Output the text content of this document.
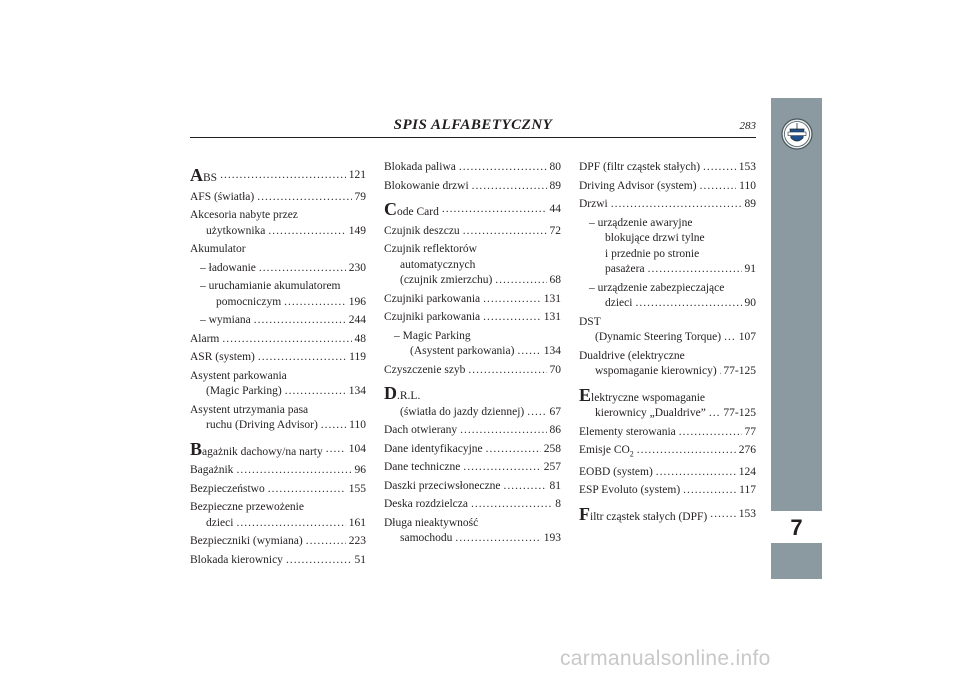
SPIS ALFABETYCZNY	283
ABS .....	121
AFS (światła) .....	79
Akcesoria nabyte przez
użytkownika .....	149
Akumulator
– ładowanie .....	230
– uruchamianie akumulatorem
pomocniczym .....	196
– wymiana .....	244
Alarm .....	48
ASR (system) .....	119
Asystent parkowania
(Magic Parking) .....	134
Asystent utrzymania pasa
ruchu (Driving Advisor) .....	110
Bagażnik dachowy/na narty ..... 104
Bagażnik .....	96
Bezpieczeństwo .....	155
Bezpieczne przewożenie
dzieci .....	161
Bezpieczniki (wymiana) .....	223
Blokada kierownicy .....	51
Blokada paliwa .....	80
Blokowanie drzwi .....	89
Code Card .....	44
Czujnik deszczu .....	72
Czujnik reflektorów
automatycznych
(czujnik zmierzchu) .....	68
Czujniki parkowania .....	131
Czujniki parkowania .....	131
– Magic Parking
(Asystent parkowania) .....	134
Czyszczenie szyb .....	70
D.R.L.
(światła do jazdy dziennej) ..... 67
Dach otwierany .....	86
Dane identyfikacyjne .....	258
Dane techniczne .....	257
Daszki przeciwsłoneczne .....	81
Deska rozdzielcza .....	8
Długa nieaktywność
samochodu .....	193
DPF (filtr cząstek stałych) .....	153
Driving Advisor (system) .....	110
Drzwi .....	89
– urządzenie awaryjne
blokujące drzwi tylne
i przednie po stronie
pasażera .....	91
– urządzenie zabezpieczające
dzieci .....	90
DST
(Dynamic Steering Torque) ..... 107
Dualdrive (elektryczne
wspomaganie kierownicy) ..... 77-125
Elektryczne wspomaganie
kierownicy „Dualdrive” ..... 77-125
Elementy sterowania .....	77
Emisje $CO_2$ .....	276
EOBD (system) .....	124
ESP Evoluto (system) .....	117
Filtr cząstek stałych (DPF) .....	153
7
carmanualsonline.info
